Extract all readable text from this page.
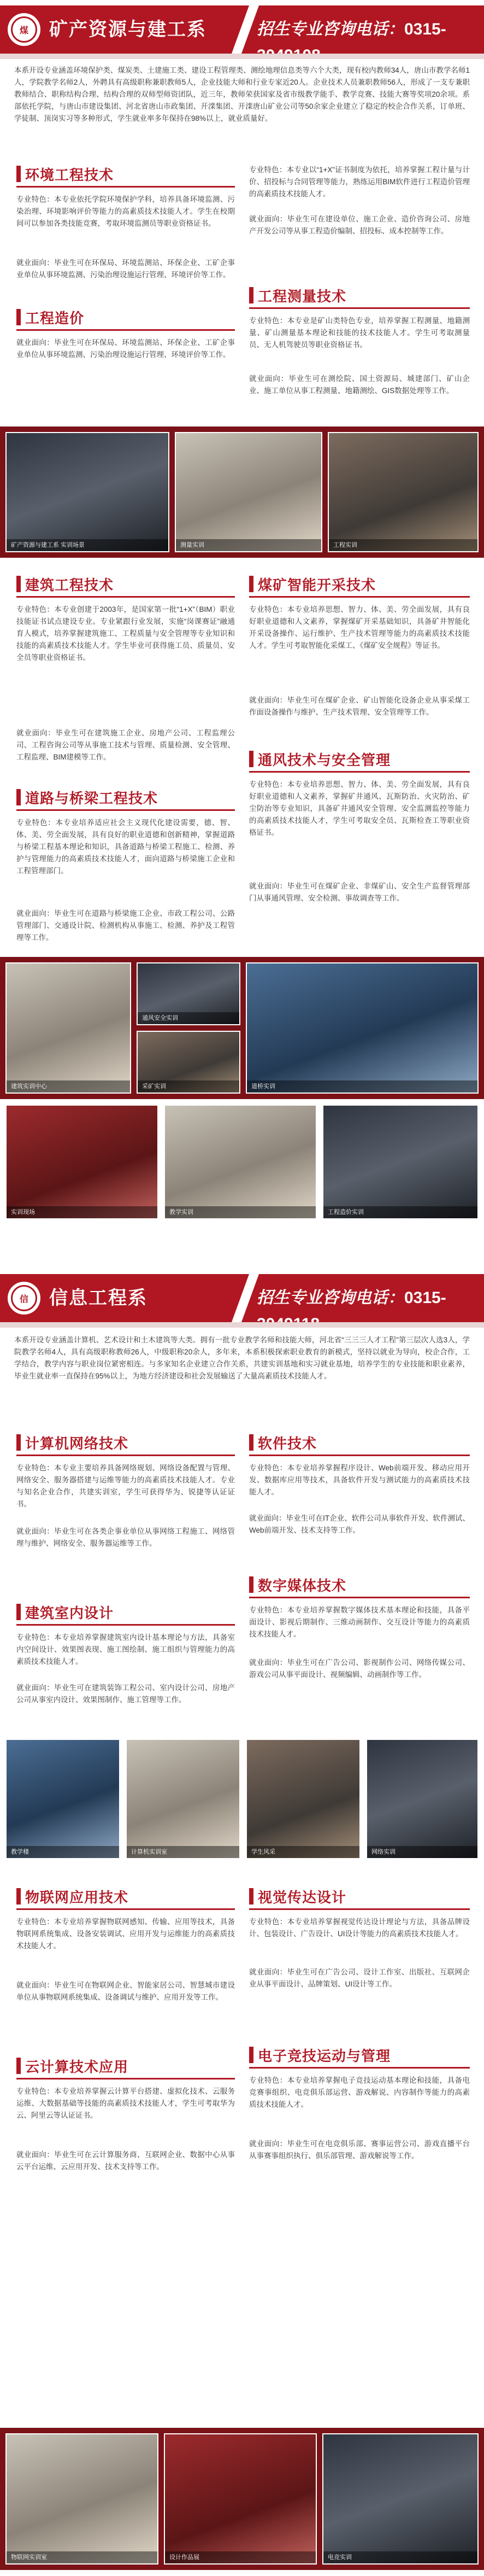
煤	矿产资源与建工系	招生专业咨询电话：0315-
本系开设专业涵盖环境保护类、煤炭类、土建施工类、建设工程管理类、测绘地理信息类等六个大类，现有校内教师34人，唐山市教学名师1人，学院教学名师2人，外聘具有高级职称兼职教师5人，企业技能大师和行业专家近20人。企业技术人员兼职教师56人，形成了一支专兼职教师结合、职称结构合理、结构合理的双师型师资团队，近三年，教师荣获国家及省市级教学能手、教学竞赛、技能大赛等奖项20余项。系部依托学院，与唐山市建设集团、河北省唐山市政集团、开滦集团、开滦唐山矿业公司等50余家企业建立了稳定的校企合作关系，订单班、学徒制、顶岗实习等多种形式，学生就业率多年保持在98%以上，就业质量好。
环境工程技术
专业特色：本专业依托学院环境保护学科，培养具备环境监测、污染治理、环境影响评价等能力的高素质技术技能人才。学生在校期间可以参加各类技能竞赛，考取环境监测员等职业资格证书。
就业面向：毕业生可在环保局、环境监测站、环保企业、工矿企事业单位从事环境监测、污染治理设施运行管理、环境评价等工作。
专业特色：本专业以“1+X”证书制度为依托，培养掌握工程计量与计价、招投标与合同管理等能力，熟练运用BIM软件进行工程造价管理的高素质技术技能人才。
就业面向：毕业生可在建设单位、施工企业、造价咨询公司、房地产开发公司等从事工程造价编制、招投标、成本控制等工作。
工程测量技术
专业特色：本专业是矿山类特色专业，培养掌握工程测量、地籍测量、矿山测量基本理论和技能的技术技能人才。学生可考取测量员、无人机驾驶员等职业资格证书。
就业面向：毕业生可在测绘院、国土资源局、城建部门、矿山企业、施工单位从事工程测量、地籍测绘、GIS数据处理等工作。
工程造价
就业面向：毕业生可在环保局、环境监测站、环保企业、工矿企事业单位从事环境监测、污染治理设施运行管理、环境评价等工作。
矿产资源与建工系 实训场景	测量实训	工程实训
建筑工程技术
专业特色：本专业创建于2003年，是国家第一批“1+X”（BIM）职业技能证书试点建设专业。专业紧跟行业发展，实施“岗课赛证”融通育人模式，培养掌握建筑施工、工程质量与安全管理等专业知识和技能的高素质技术技能人才。学生毕业可获得施工员、质量员、安全员等职业资格证书。
就业面向：毕业生可在建筑施工企业、房地产公司、工程监理公司、工程咨询公司等从事施工技术与管理、质量检测、安全管理、工程监理、BIM建模等工作。
煤矿智能开采技术
专业特色：本专业培养思想、智力、体、美、劳全面发展，具有良好职业道德和人文素养，掌握煤矿开采基础知识，具备矿井智能化开采设备操作、运行维护、生产技术管理等能力的高素质技术技能人才。学生可考取智能化采煤工、《煤矿安全规程》等证书。
就业面向：毕业生可在煤矿企业、矿山智能化设备企业从事采煤工作面设备操作与维护、生产技术管理、安全管理等工作。
通风技术与安全管理
专业特色：本专业培养思想、智力、体、美、劳全面发展，具有良好职业道德和人文素养，掌握矿井通风、瓦斯防治、火灾防治、矿尘防治等专业知识，具备矿井通风安全管理、安全监测监控等能力的高素质技术技能人才，学生可考取安全员、瓦斯检查工等职业资格证书。
就业面向：毕业生可在煤矿企业、非煤矿山、安全生产监督管理部门从事通风管理、安全检测、事故调查等工作。
道路与桥梁工程技术
专业特色：本专业培养适应社会主义现代化建设需要，德、智、体、美、劳全面发展，具有良好的职业道德和创新精神，掌握道路与桥梁工程基本理论和知识，具备道路与桥梁工程施工、检测、养护与管理能力的高素质技术技能人才，面向道路与桥梁施工企业和工程管理部门。
就业面向：毕业生可在道路与桥梁施工企业、市政工程公司、公路管理部门、交通设计院、检测机构从事施工、检测、养护及工程管理等工作。
建筑实训中心
通风安全实训
采矿实训	道桥实训
实训现场	教学实训	工程造价实训
信	信息工程系	招生专业咨询电话：0315-
本系开设专业涵盖计算机、艺术设计和土木建筑等大类。拥有一批专业教学名师和技能大师，河北省“三三三人才工程”第三层次人选3人，学院教学名师4人，具有高级职称教师26人，中级职称20余人，多年来，本系积极探索职业教育的新模式，坚持以就业为导向，校企合作，工学结合，教学内容与职业岗位紧密相连。与多家知名企业建立合作关系，共建实训基地和实习就业基地，培养学生的专业技能和职业素养，毕业生就业率一直保持在95%以上，为地方经济建设和社会发展输送了大量高素质技术技能人才。
计算机网络技术
专业特色：本专业主要培养具备网络规划、网络设备配置与管理、网络安全、服务器搭建与运维等能力的高素质技术技能人才。专业与知名企业合作，共建实训室，学生可获得华为、锐捷等认证证书。
就业面向：毕业生可在各类企事业单位从事网络工程施工、网络管理与维护、网络安全、服务器运维等工作。
软件技术
专业特色：本专业培养掌握程序设计、Web前端开发、移动应用开发、数据库应用等技术，具备软件开发与测试能力的高素质技术技能人才。
就业面向：毕业生可在IT企业、软件公司从事软件开发、软件测试、Web前端开发、技术支持等工作。
数字媒体技术
专业特色：本专业培养掌握数字媒体技术基本理论和技能，具备平面设计、影视后期制作、三维动画制作、交互设计等能力的高素质技术技能人才。
就业面向：毕业生可在广告公司、影视制作公司、网络传媒公司、游戏公司从事平面设计、视频编辑、动画制作等工作。
建筑室内设计
专业特色：本专业培养掌握建筑室内设计基本理论与方法，具备室内空间设计、效果图表现、施工图绘制、施工组织与管理能力的高素质技术技能人才。
就业面向：毕业生可在建筑装饰工程公司、室内设计公司、房地产公司从事室内设计、效果图制作、施工管理等工作。
教学楼	计算机实训室	学生风采	网络实训
物联网应用技术
专业特色：本专业培养掌握物联网感知、传输、应用等技术，具备物联网系统集成、设备安装调试、应用开发与运维能力的高素质技术技能人才。
就业面向：毕业生可在物联网企业、智能家居公司、智慧城市建设单位从事物联网系统集成、设备调试与维护、应用开发等工作。
视觉传达设计
专业特色：本专业培养掌握视觉传达设计理论与方法，具备品牌设计、包装设计、广告设计、UI设计等能力的高素质技术技能人才。
就业面向：毕业生可在广告公司、设计工作室、出版社、互联网企业从事平面设计、品牌策划、UI设计等工作。
云计算技术应用
专业特色：本专业培养掌握云计算平台搭建、虚拟化技术、云服务运维、大数据基础等技能的高素质技术技能人才，学生可考取华为云、阿里云等认证证书。
就业面向：毕业生可在云计算服务商、互联网企业、数据中心从事云平台运维、云应用开发、技术支持等工作。
电子竞技运动与管理
专业特色：本专业培养掌握电子竞技运动基本理论和技能，具备电竞赛事组织、电竞俱乐部运营、游戏解说、内容制作等能力的高素质技术技能人才。
就业面向：毕业生可在电竞俱乐部、赛事运营公司、游戏直播平台从事赛事组织执行、俱乐部管理、游戏解说等工作。
物联网实训室	设计作品展	电竞实训
